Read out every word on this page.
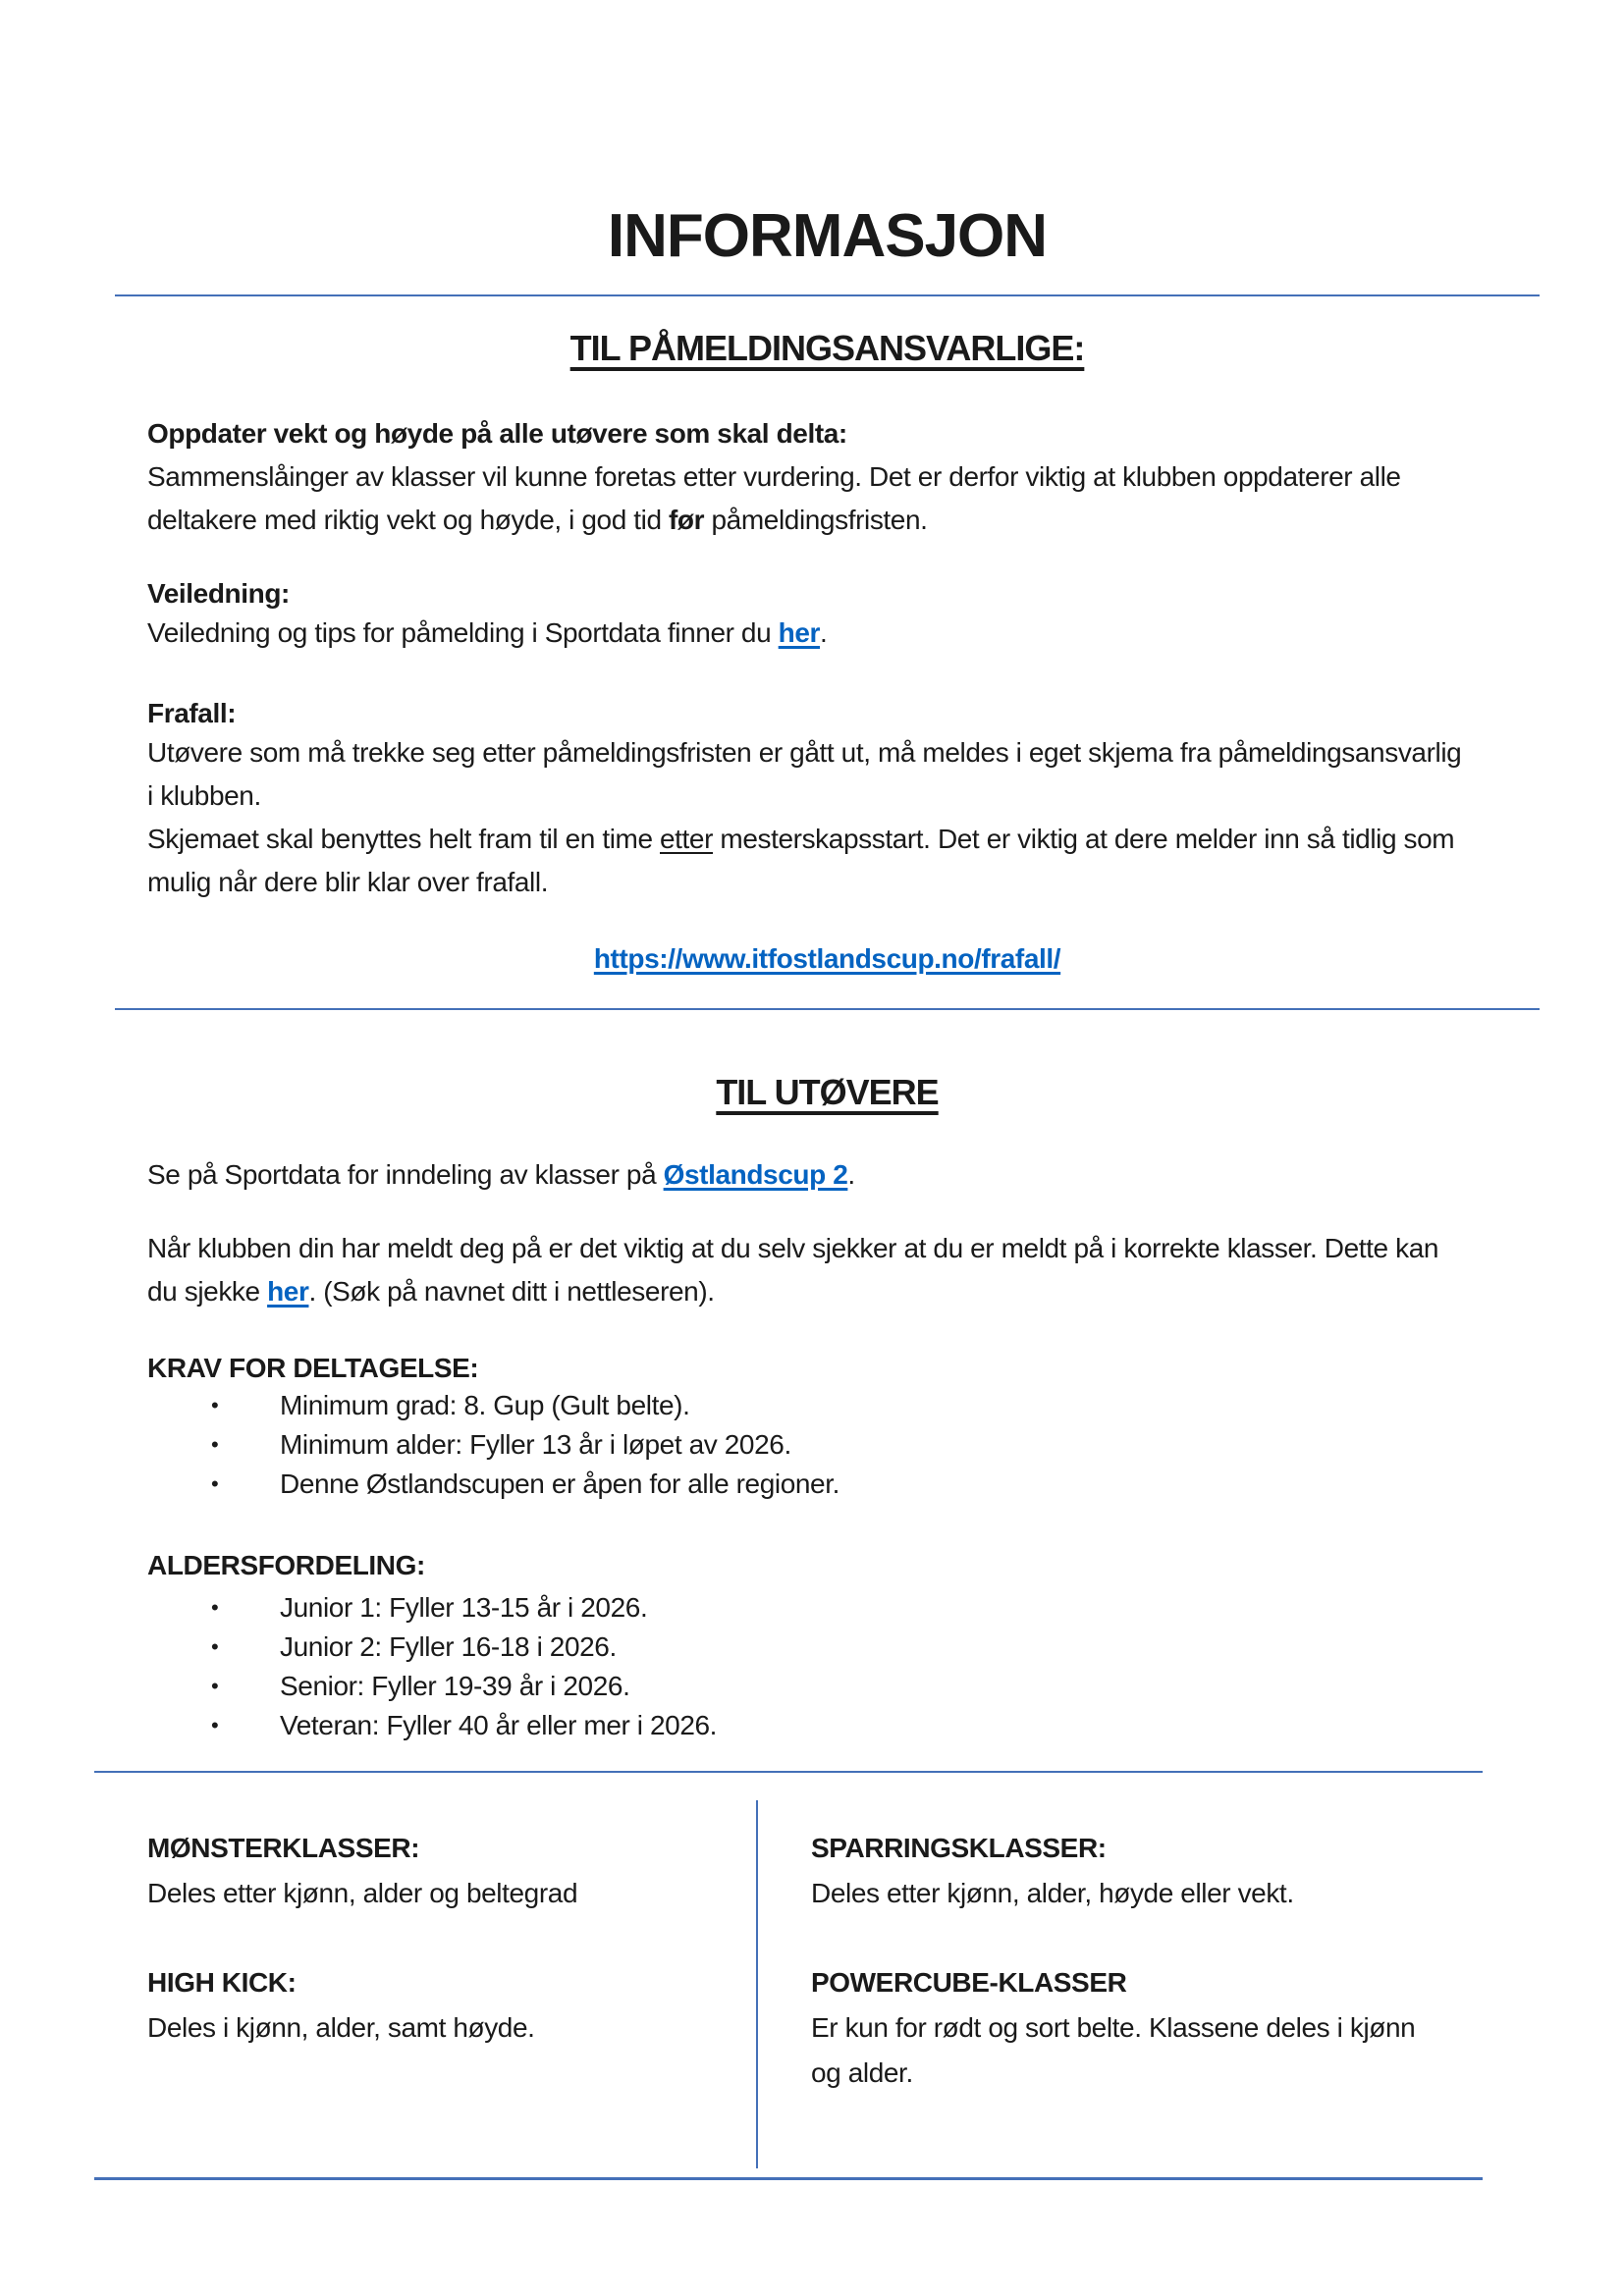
INFORMASJON
TIL PÅMELDINGSANSVARLIGE:
Oppdater vekt og høyde på alle utøvere som skal delta:

Sammenslåinger av klasser vil kunne foretas etter vurdering. Det er derfor viktig at klubben oppdaterer alle deltakere med riktig vekt og høyde, i god tid før påmeldingsfristen.

Veiledning:

Veiledning og tips for påmelding i Sportdata finner du her.

Frafall:

Utøvere som må trekke seg etter påmeldingsfristen er gått ut, må meldes i eget skjema fra påmeldingsansvarlig i klubben.

Skjemaet skal benyttes helt fram til en time etter mesterskapsstart. Det er viktig at dere melder inn så tidlig som mulig når dere blir klar over frafall.

https://www.itfostlandscup.no/frafall/
TIL UTØVERE

Se på Sportdata for inndeling av klasser på Østlandscup 2.

Når klubben din har meldt deg på er det viktig at du selv sjekker at du er meldt på i korrekte klasser. Dette kan du sjekke her. (Søk på navnet ditt i nettleseren).

KRAV FOR DELTAGELSE:
•	Minimum grad: 8. Gup (Gult belte).
•	Minimum alder: Fyller 13 år i løpet av 2026.
•	Denne Østlandscupen er åpen for alle regioner.
ALDERSFORDELING:
•	Junior 1: Fyller 13-15 år i 2026.
•	Junior 2: Fyller 16-18 i 2026.
•	Senior: Fyller 19-39 år i 2026.
•	Veteran: Fyller 40 år eller mer i 2026.

MØNSTERKLASSER:

Deles etter kjønn, alder og beltegrad

HIGH KICK:

Deles i kjønn, alder, samt høyde.

SPARRINGSKLASSER:

Deles etter kjønn, alder, høyde eller vekt.

POWERCUBE-KLASSER

Er kun for rødt og sort belte. Klassene deles i kjønn og alder.
